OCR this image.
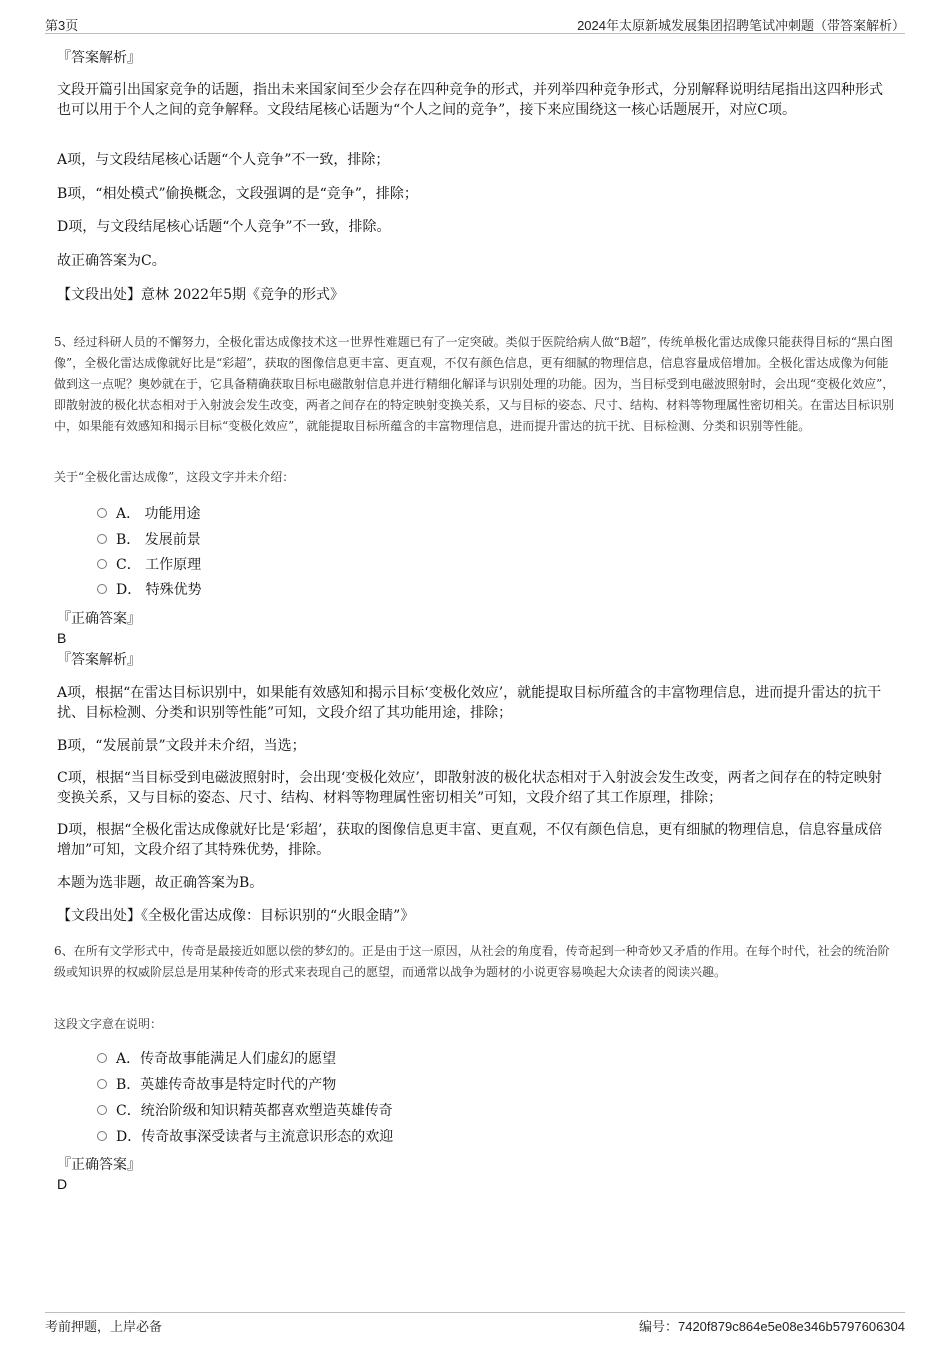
第3页	2024年太原新城发展集团招聘笔试冲刺题（带答案解析）

『答案解析』

文段开篇引出国家竞争的话题，指出未来国家间至少会存在四种竞争的形式，并列举四种竞争形式，分别解释说明结尾指出这四种形式也可以用于个人之间的竞争解释。文段结尾核心话题为“个人之间的竞争”，接下来应围绕这一核心话题展开，对应C项。

A项，与文段结尾核心话题“个人竞争”不一致，排除；

B项，“相处模式”偷换概念，文段强调的是“竞争”，排除；

D项，与文段结尾核心话题“个人竞争”不一致，排除。

故正确答案为C。

【文段出处】意林 2022年5期《竞争的形式》

5、经过科研人员的不懈努力，全极化雷达成像技术这一世界性难题已有了一定突破。类似于医院给病人做“B超”，传统单极化雷达成像只能获得目标的“黑白图像”，全极化雷达成像就好比是“彩超”，获取的图像信息更丰富、更直观，不仅有颜色信息，更有细腻的物理信息，信息容量成倍增加。全极化雷达成像为何能做到这一点呢？奥妙就在于，它具备精确获取目标电磁散射信息并进行精细化解译与识别处理的功能。因为，当目标受到电磁波照射时，会出现“变极化效应”，即散射波的极化状态相对于入射波会发生改变，两者之间存在的特定映射变换关系，又与目标的姿态、尺寸、结构、材料等物理属性密切相关。在雷达目标识别中，如果能有效感知和揭示目标“变极化效应”，就能提取目标所蕴含的丰富物理信息，进而提升雷达的抗干扰、目标检测、分类和识别等性能。

关于“全极化雷达成像”，这段文字并未介绍：

A． 功能用途
B． 发展前景
C． 工作原理
D． 特殊优势

『正确答案』

B

『答案解析』

A项，根据“在雷达目标识别中，如果能有效感知和揭示目标‘变极化效应’，就能提取目标所蕴含的丰富物理信息，进而提升雷达的抗干扰、目标检测、分类和识别等性能”可知，文段介绍了其功能用途，排除；

B项，“发展前景”文段并未介绍，当选；

C项，根据“当目标受到电磁波照射时，会出现‘变极化效应’，即散射波的极化状态相对于入射波会发生改变，两者之间存在的特定映射变换关系，又与目标的姿态、尺寸、结构、材料等物理属性密切相关”可知，文段介绍了其工作原理，排除；

D项，根据“全极化雷达成像就好比是‘彩超’，获取的图像信息更丰富、更直观，不仅有颜色信息，更有细腻的物理信息，信息容量成倍增加”可知，文段介绍了其特殊优势，排除。

本题为选非题，故正确答案为B。

【文段出处】《全极化雷达成像：目标识别的“火眼金睛”》

6、在所有文学形式中，传奇是最接近如愿以偿的梦幻的。正是由于这一原因，从社会的角度看，传奇起到一种奇妙又矛盾的作用。在每个时代，社会的统治阶级或知识界的权威阶层总是用某种传奇的形式来表现自己的愿望，而通常以战争为题材的小说更容易唤起大众读者的阅读兴趣。

这段文字意在说明：

A．传奇故事能满足人们虚幻的愿望
B．英雄传奇故事是特定时代的产物
C．统治阶级和知识精英都喜欢塑造英雄传奇
D．传奇故事深受读者与主流意识形态的欢迎

『正确答案』

D

考前押题，上岸必备	编号：7420f879c864e5e08e346b5797606304
